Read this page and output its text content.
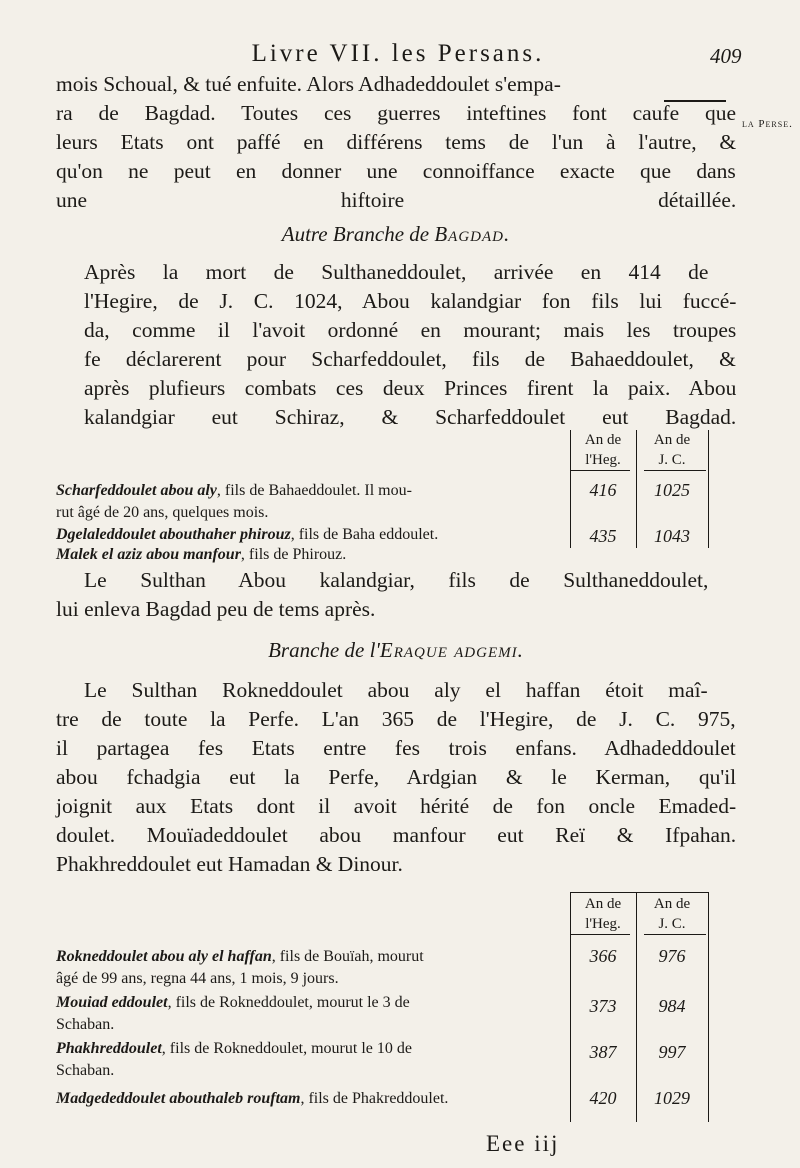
Livre VII. les Persans.	409
la Perse.

mois Schoual, & tué enfuite. Alors Adhadeddoulet s'empa-
ra de Bagdad. Toutes ces guerres inteftines font caufe que
leurs Etats ont paffé en différens tems de l'un à l'autre, &
qu'on ne peut en donner une connoiffance exacte que dans
une hiftoire détaillée.

Autre Branche de Bagdad.

Après la mort de Sulthaneddoulet, arrivée en 414 de
l'Hegire, de J. C. 1024, Abou kalandgiar fon fils lui fuccé-
da, comme il l'avoit ordonné en mourant; mais les troupes
fe déclarerent pour Scharfeddoulet, fils de Bahaeddoulet, &
après plufieurs combats ces deux Princes firent la paix. Abou
kalandgiar eut Schiraz, & Scharfeddoulet eut Bagdad.

An de
l'Heg.
An de
J. C.
Scharfeddoulet abou aly, fils de Bahaeddoulet. Il mou-
rut âgé de 20 ans, quelques mois.
416	1025
Dgelaleddoulet abouthaher phirouz, fils de Baha eddoulet.	435	1043
Malek el aziz abou manfour, fils de Phirouz.

Le Sulthan Abou kalandgiar, fils de Sulthaneddoulet,
lui enleva Bagdad peu de tems après.

Branche de l'Eraque adgemi.

Le Sulthan Rokneddoulet abou aly el haffan étoit maî-
tre de toute la Perfe. L'an 365 de l'Hegire, de J. C. 975,
il partagea fes Etats entre fes trois enfans. Adhadeddoulet
abou fchadgia eut la Perfe, Ardgian & le Kerman, qu'il
joignit aux Etats dont il avoit hérité de fon oncle Emaded-
doulet. Mouïadeddoulet abou manfour eut Reï & Ifpahan.
Phakhreddoulet eut Hamadan & Dinour.

An de
l'Heg.
An de
J. C.
Rokneddoulet abou aly el haffan, fils de Bouïah, mourut
âgé de 99 ans, regna 44 ans, 1 mois, 9 jours.
366	976
Mouiad eddoulet, fils de Rokneddoulet, mourut le 3 de
Schaban.
373	984
Phakhreddoulet, fils de Rokneddoulet, mourut le 10 de
Schaban.
387	997
Madgededdoulet abouthaleb rouftam, fils de Phakreddoulet.	420	1029
Eee iij
